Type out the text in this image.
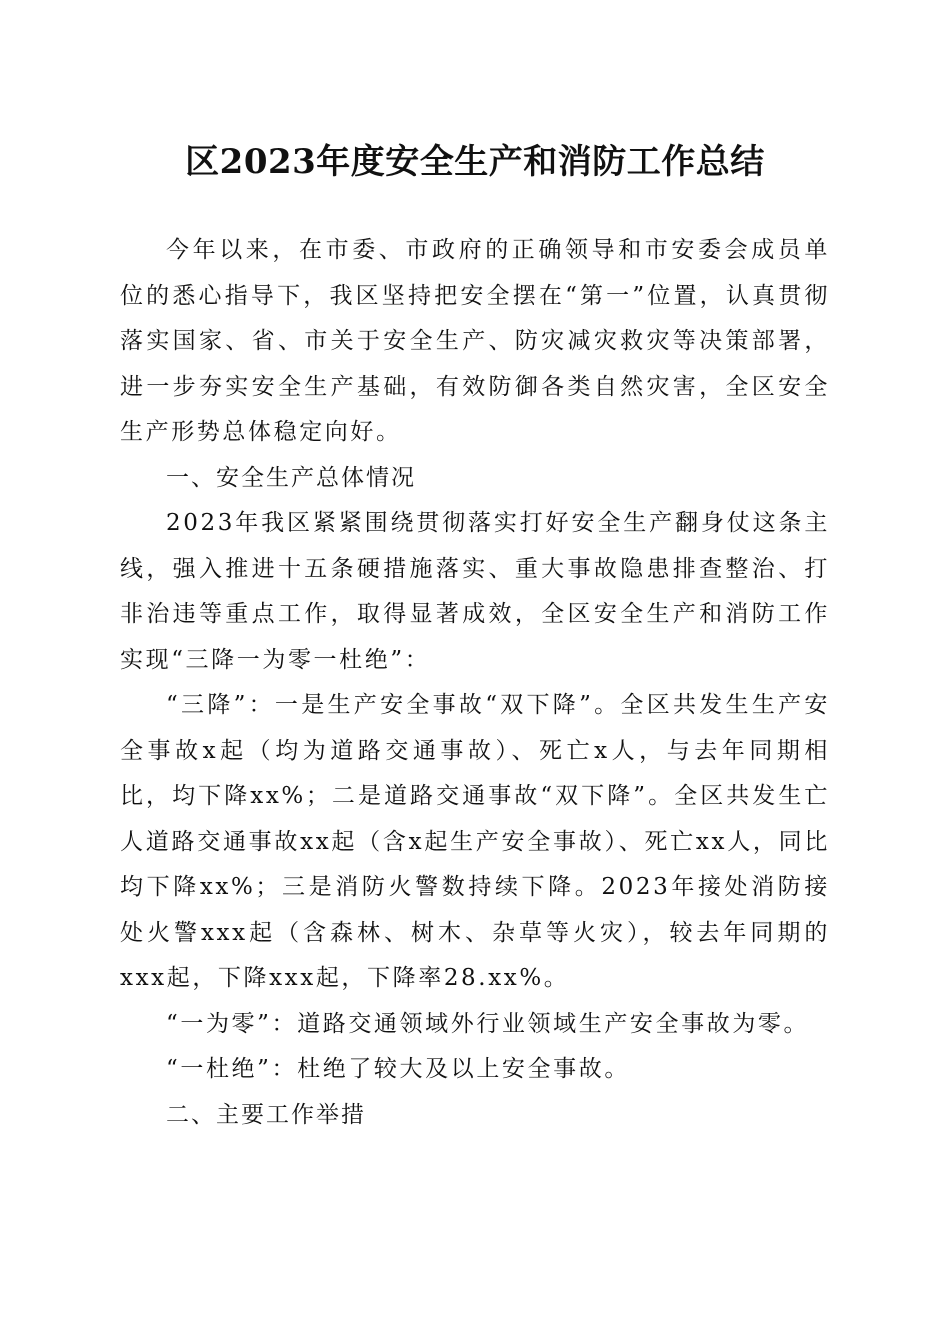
区2023年度安全生产和消防工作总结

今年以来，在市委、市政府的正确领导和市安委会成员单位的悉心指导下，我区坚持把安全摆在“第一”位置，认真贯彻落实国家、省、市关于安全生产、防灾减灾救灾等决策部署，进一步夯实安全生产基础，有效防御各类自然灾害，全区安全生产形势总体稳定向好。

一、安全生产总体情况

2023年我区紧紧围绕贯彻落实打好安全生产翻身仗这条主线，强入推进十五条硬措施落实、重大事故隐患排查整治、打非治违等重点工作，取得显著成效，全区安全生产和消防工作实现“三降一为零一杜绝”：

“三降”：一是生产安全事故“双下降”。全区共发生生产安全事故x起（均为道路交通事故）、死亡x人，与去年同期相比，均下降xx%；二是道路交通事故“双下降”。全区共发生亡人道路交通事故xx起（含x起生产安全事故）、死亡xx人，同比均下降xx%；三是消防火警数持续下降。2023年接处消防接处火警xxx起（含森林、树木、杂草等火灾），较去年同期的xxx起，下降xxx起，下降率28.xx%。

“一为零”：道路交通领域外行业领域生产安全事故为零。

“一杜绝”：杜绝了较大及以上安全事故。

二、主要工作举措
